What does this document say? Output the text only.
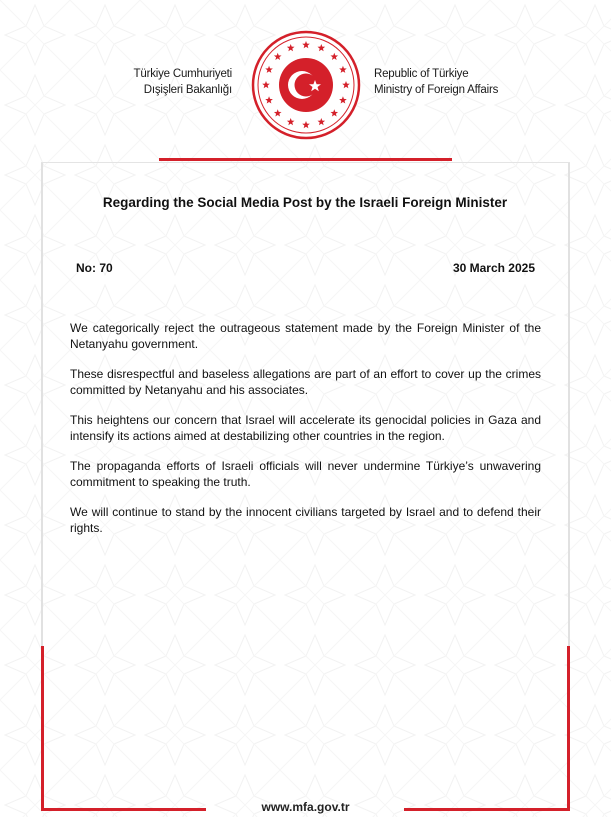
Türkiye Cumhuriyeti
Dışişleri Bakanlığı
Republic of Türkiye
Ministry of Foreign Affairs
Regarding the Social Media Post by the Israeli Foreign Minister
No: 70	30 March 2025

We categorically reject the outrageous statement made by the Foreign Minister of the Netanyahu government.

These disrespectful and baseless allegations are part of an effort to cover up the crimes committed by Netanyahu and his associates.

This heightens our concern that Israel will accelerate its genocidal policies in Gaza and intensify its actions aimed at destabilizing other countries in the region.

The propaganda efforts of Israeli officials will never undermine Türkiye’s unwavering commitment to speaking the truth.

We will continue to stand by the innocent civilians targeted by Israel and to defend their rights.

www.mfa.gov.tr
